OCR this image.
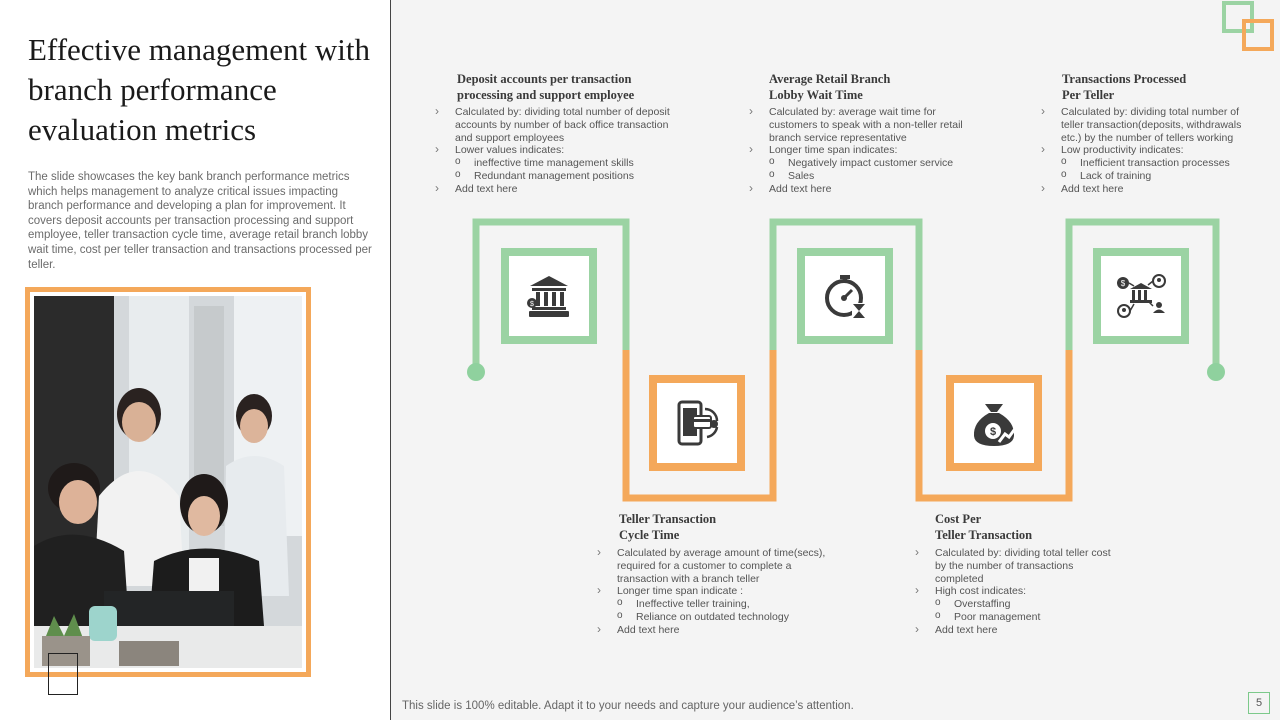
Effective management with branch performance evaluation metrics

The slide showcases the key bank branch performance metrics which helps management to analyze critical issues impacting branch performance and developing a plan for improvement. It covers deposit accounts per transaction processing and support employee, teller transaction cycle time, average retail branch lobby wait time, cost per teller transaction and transactions processed per teller.

$
$
$
Deposit accounts per transaction
processing and support employee
› Calculated by: dividing total number of deposit accounts by number of back office transaction and support employees
› Lower values indicates:
o ineffective time management skills
o Redundant management positions
› Add text here
Teller Transaction
Cycle Time
› Calculated by average amount of time(secs), required for a customer to complete a transaction with a branch teller
› Longer time span indicate :
o Ineffective teller training,
o Reliance on outdated technology
› Add text here
Average Retail Branch
Lobby Wait Time
› Calculated by: average wait time for customers to speak with a non-teller retail branch service representative
› Longer time span indicates:
o Negatively impact customer service
o Sales
› Add text here
Cost Per
Teller Transaction
› Calculated by: dividing total teller cost by the number of transactions completed
› High cost indicates:
o Overstaffing
o Poor management
› Add text here
Transactions Processed
Per Teller
› Calculated by: dividing total number of teller transaction(deposits, withdrawals etc.) by the number of tellers working
› Low productivity indicates:
o Inefficient transaction processes
o Lack of training
› Add text here
This slide is 100% editable. Adapt it to your needs and capture your audience’s attention.	5
